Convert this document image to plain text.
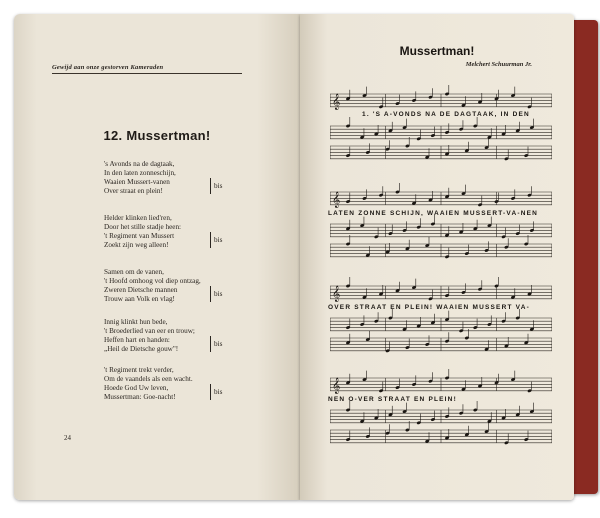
Gewijd aan onze gestorven Kameraden
12. Mussertman!
's Avonds na de dagtaak,
In den laten zonneschijn,
Waaien Mussert-vanen
Over straat en plein!
bis
Helder klinken lied'ren,
Door het stille stadje heen:
't Regiment van Mussert
Zoekt zijn weg alleen!
bis
Samen om de vanen,
't Hoofd omhoog vol diep ontzag,
Zweren Dietsche mannen
Trouw aan Volk en vlag!
bis
Innig klinkt hun bede,
't Broederlied van eer en trouw;
Heffen hart en handen:
„Heil de Dietsche gouw"!
bis
't Regiment trekt verder,
Om de vaandels als een wacht.
Hoede God Uw leven,
Mussertman: Goe-nacht!
bis
24
Mussertman!
Melchert Schuurman Jr.
𝄞
𝄞
𝄞
𝄞
1. 'S A-VONDS NA DE DAGTAAK, IN DEN
LATEN ZONNE SCHIJN, WAAIEN MUSSERT-VA-NEN
OVER STRAAT EN PLEIN! WAAIEN MUSSERT VA-
NEN O-VER STRAAT EN PLEIN!
